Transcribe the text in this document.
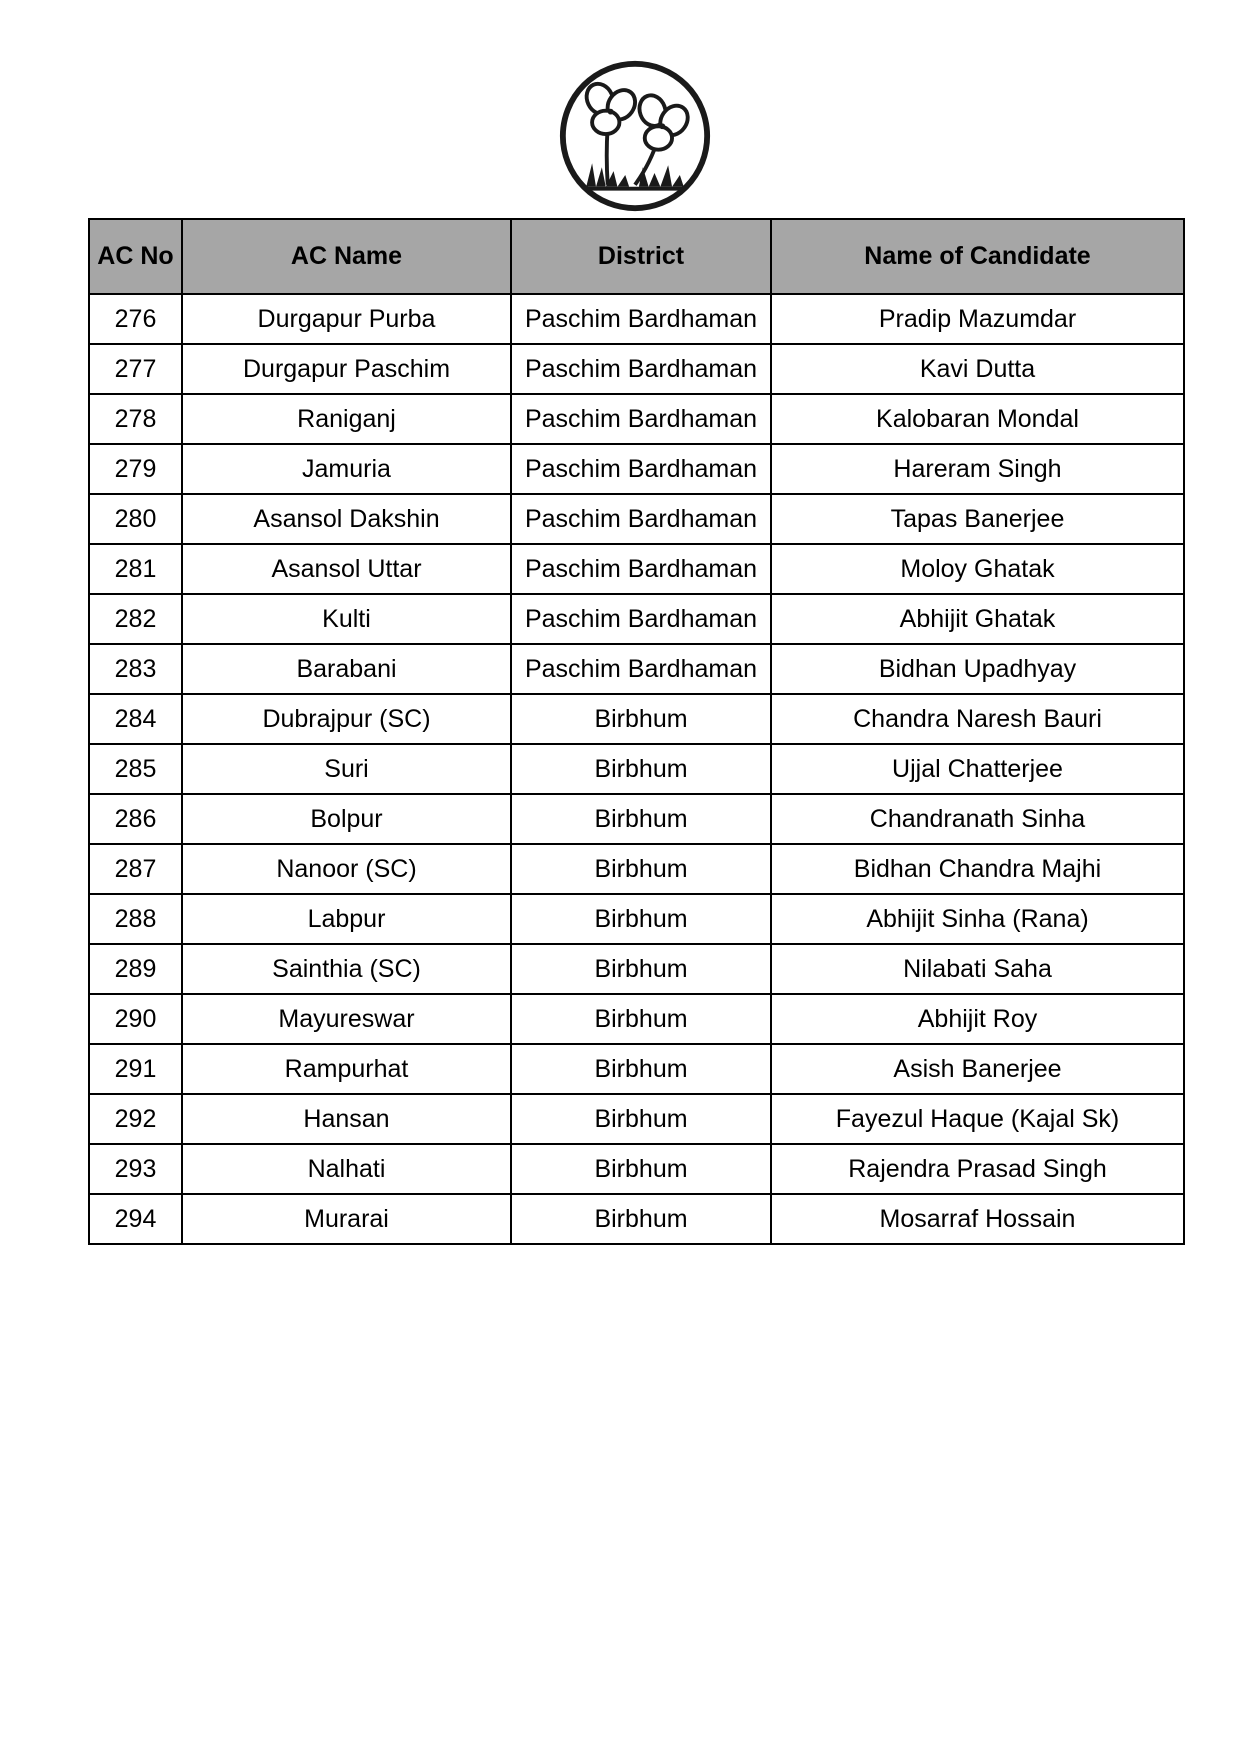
AC No	AC Name	District	Name of Candidate
276	Durgapur Purba	Paschim Bardhaman	Pradip Mazumdar
277	Durgapur Paschim	Paschim Bardhaman	Kavi Dutta
278	Raniganj	Paschim Bardhaman	Kalobaran Mondal
279	Jamuria	Paschim Bardhaman	Hareram Singh
280	Asansol Dakshin	Paschim Bardhaman	Tapas Banerjee
281	Asansol Uttar	Paschim Bardhaman	Moloy Ghatak
282	Kulti	Paschim Bardhaman	Abhijit Ghatak
283	Barabani	Paschim Bardhaman	Bidhan Upadhyay
284	Dubrajpur (SC)	Birbhum	Chandra Naresh Bauri
285	Suri	Birbhum	Ujjal Chatterjee
286	Bolpur	Birbhum	Chandranath Sinha
287	Nanoor (SC)	Birbhum	Bidhan Chandra Majhi
288	Labpur	Birbhum	Abhijit Sinha (Rana)
289	Sainthia (SC)	Birbhum	Nilabati Saha
290	Mayureswar	Birbhum	Abhijit Roy
291	Rampurhat	Birbhum	Asish Banerjee
292	Hansan	Birbhum	Fayezul Haque (Kajal Sk)
293	Nalhati	Birbhum	Rajendra Prasad Singh
294	Murarai	Birbhum	Mosarraf Hossain
